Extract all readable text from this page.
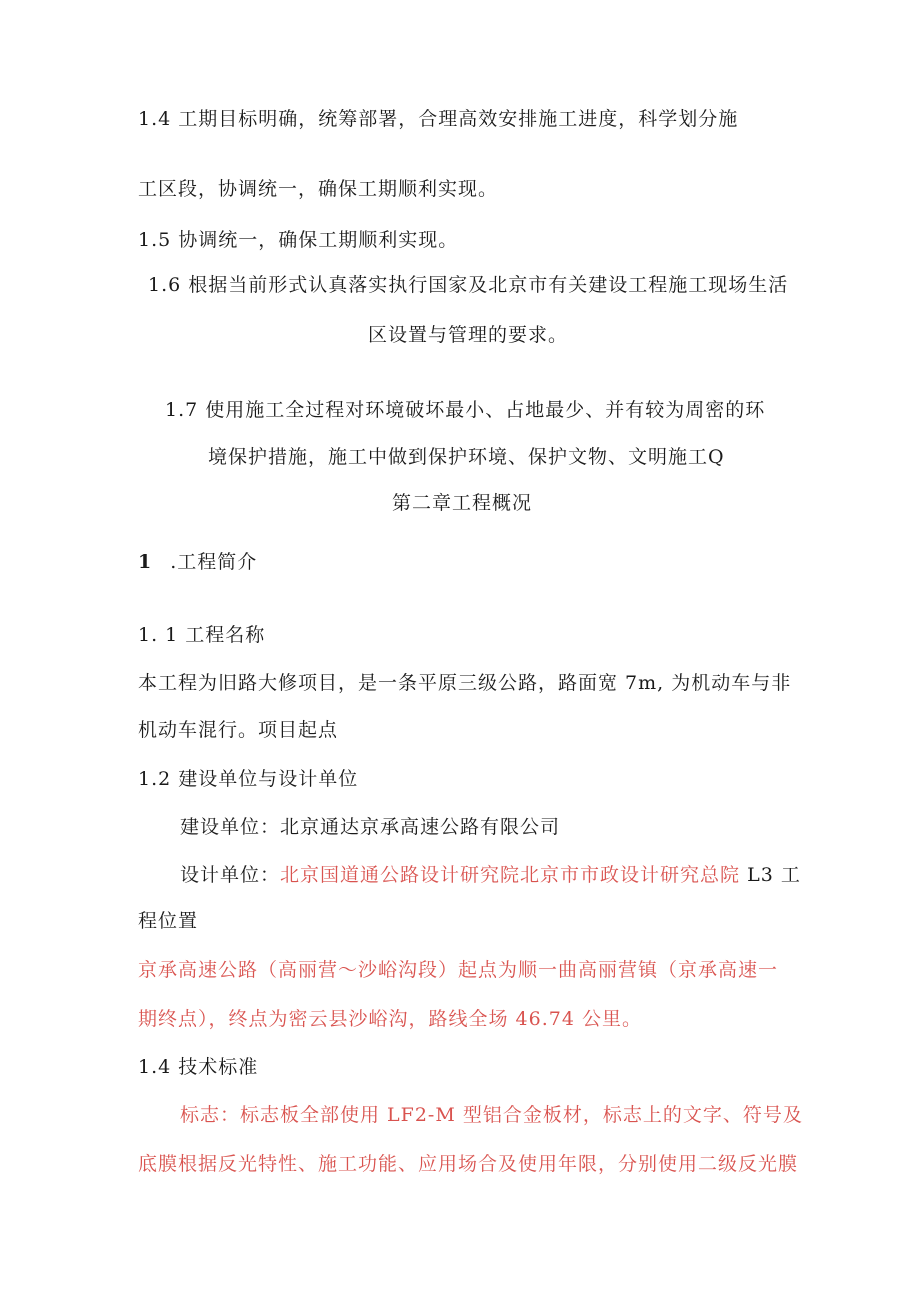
1.4 工期目标明确，统筹部署，合理高效安排施工进度，科学划分施
工区段，协调统一，确保工期顺利实现。
1.5 协调统一，确保工期顺利实现。
1.6 根据当前形式认真落实执行国家及北京市有关建设工程施工现场生活
区设置与管理的要求。
1.7 使用施工全过程对环境破坏最小、占地最少、并有较为周密的环
境保护措施，施工中做到保护环境、保护文物、文明施工Q
第二章工程概况
1 .工程简介
1. 1 工程名称
本工程为旧路大修项目，是一条平原三级公路，路面宽 7m, 为机动车与非
机动车混行。项目起点
1.2 建设单位与设计单位
建设单位：北京通达京承高速公路有限公司
设计单位：北京国道通公路设计研究院北京市市政设计研究总院 L3 工
程位置
京承高速公路（高丽营～沙峪沟段）起点为顺一曲高丽营镇（京承高速一
期终点），终点为密云县沙峪沟，路线全场 46.74 公里。
1.4 技术标准
标志：标志板全部使用 LF2-M 型铝合金板材，标志上的文字、符号及
底膜根据反光特性、施工功能、应用场合及使用年限，分别使用二级反光膜
